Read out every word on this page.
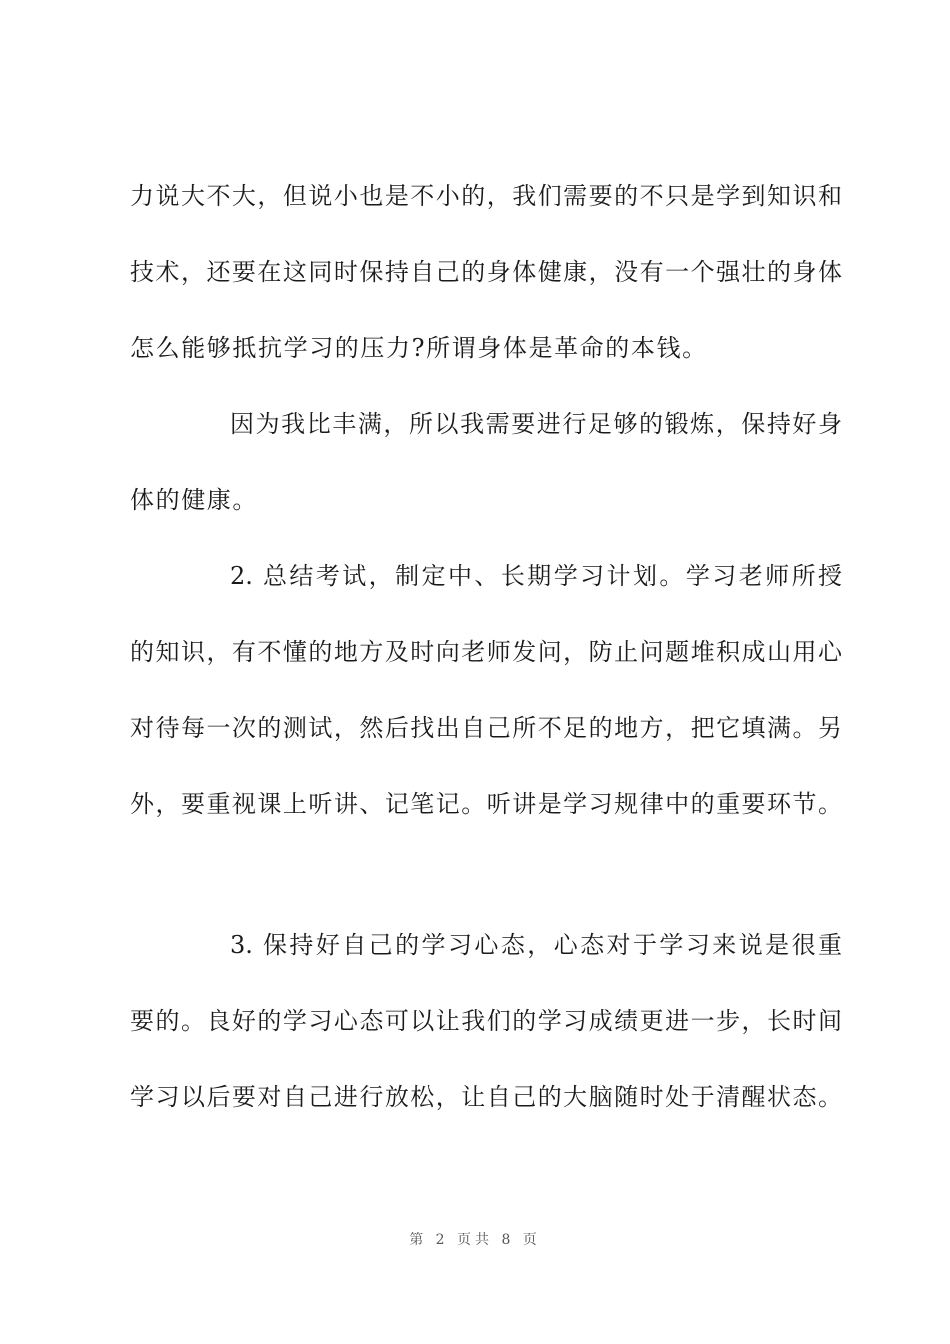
力说大不大，但说小也是不小的，我们需要的不只是学到知识和
技术，还要在这同时保持自己的身体健康，没有一个强壮的身体
怎么能够抵抗学习的压力?所谓身体是革命的本钱。
因为我比丰满，所以我需要进行足够的锻炼，保持好身
体的健康。
2. 总结考试，制定中、长期学习计划。学习老师所授
的知识，有不懂的地方及时向老师发问，防止问题堆积成山用心
对待每一次的测试，然后找出自己所不足的地方，把它填满。另
外，要重视课上听讲、记笔记。听讲是学习规律中的重要环节。
3. 保持好自己的学习心态，心态对于学习来说是很重
要的。良好的学习心态可以让我们的学习成绩更进一步，长时间
学习以后要对自己进行放松，让自己的大脑随时处于清醒状态。
第 2 页共 8 页
